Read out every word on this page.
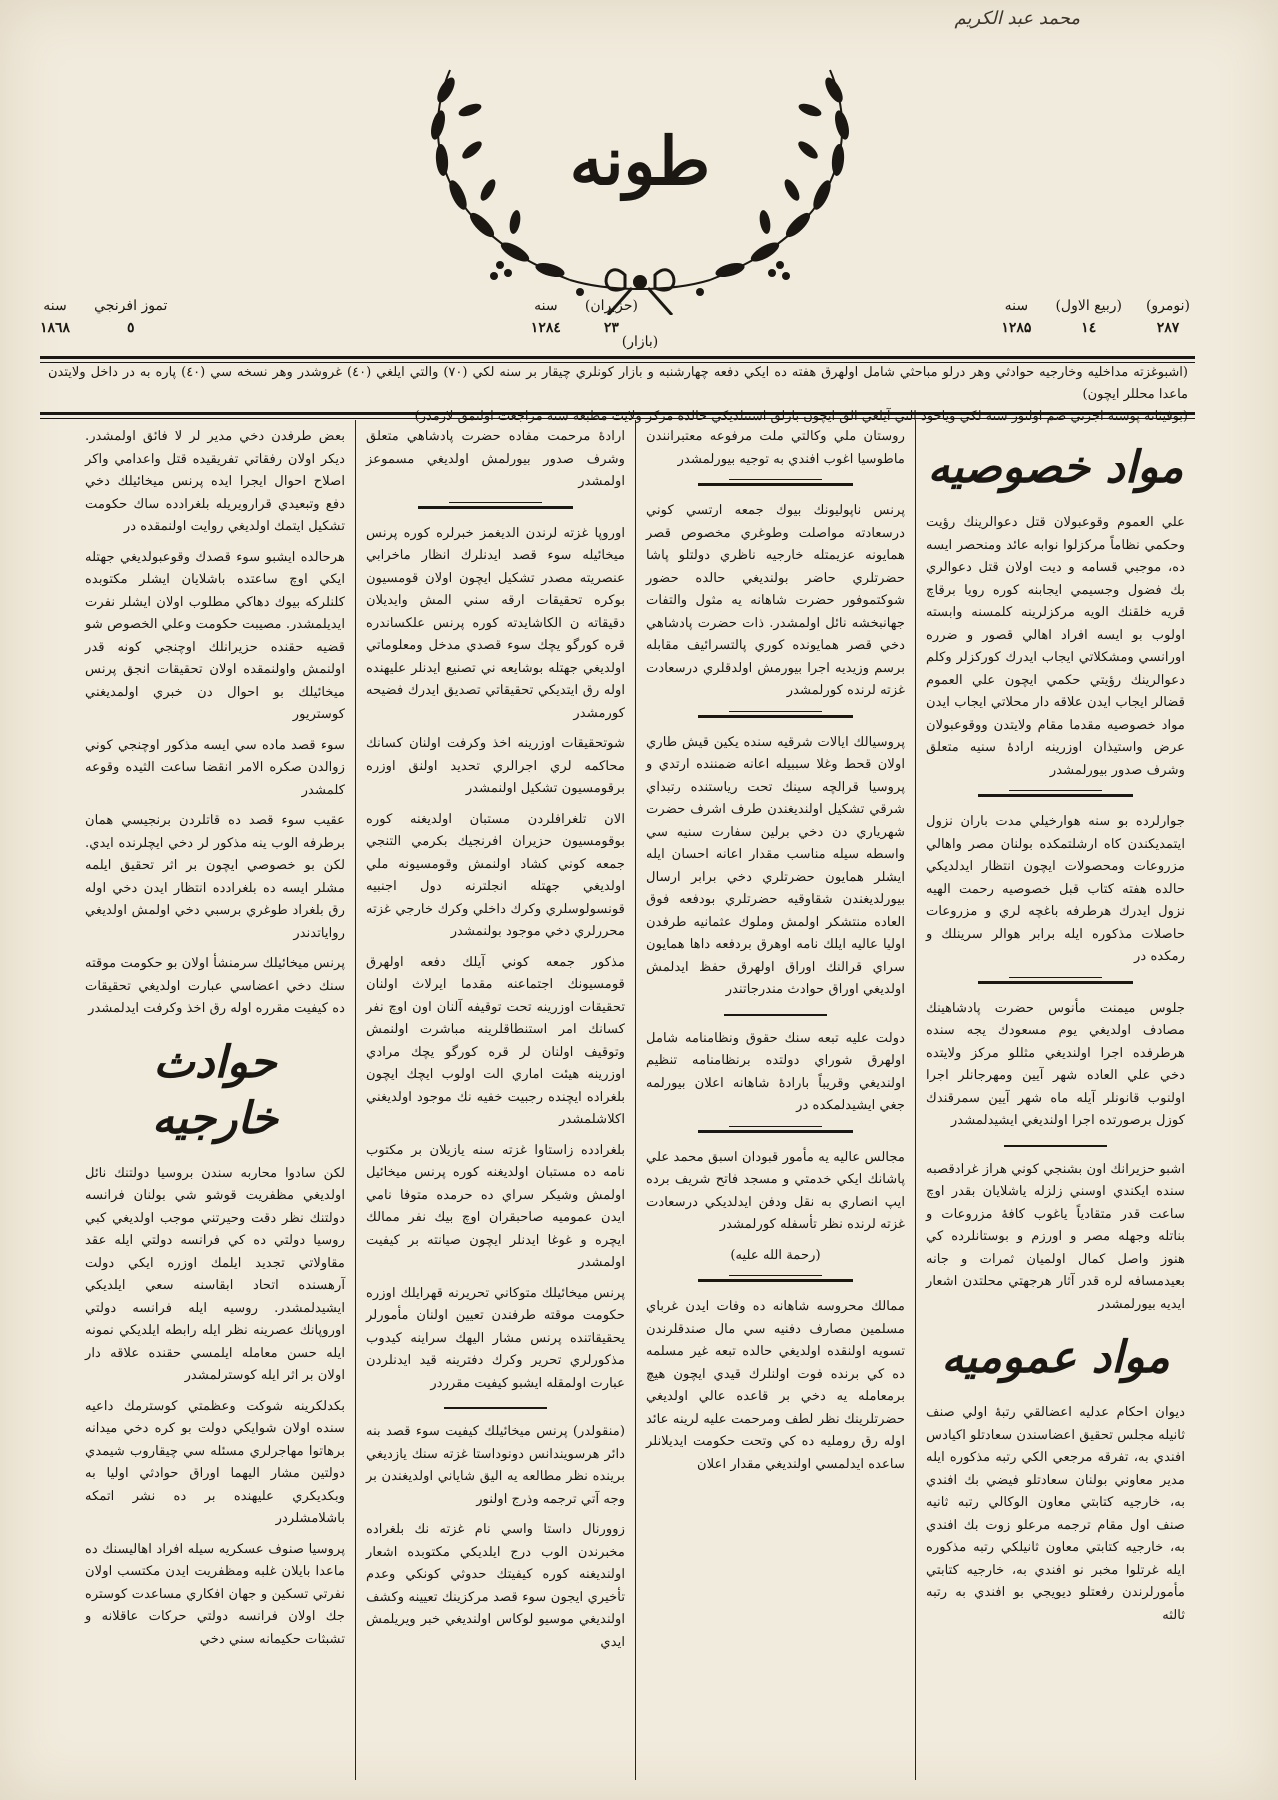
محمد عبد الكريم
طونه
(نومرو)
۲۸۷
(ربيع الاول)
۱٤
سنه
۱۲۸۵
(حزيران)
۲۳
سنه
۱۲۸٤
تموز افرنجي
٥
سنه
۱۸٦۸
(بازار)
(اشبوغزته مداخليه وخارجيه حوادثي وهر درلو مباحثي شامل اولهرق هفته ده ايكي دفعه چهارشنبه و بازار كونلري چيقار بر سنه لكي (۷۰) والتي ايلغي (٤٠) غروشدر وهر نسخه سي (٤٠) پاره به در داخل ولايتدن ماعدا محللر ايچون)
(بوفيئاته پوسته اجرتي ضم اولنور سنه لكي وياخود التي آيلغي الق ايچون بازلق استنلديكي حالده مركز ولايت مطبعه سنه مراجعت اولنمق لازمدر)
مواد خصوصيه

علي العموم وقوعبولان قتل دعوالرينك رؤيت وحكمي نظاماً مركزلوا نوابه عائد ومنحصر ايسه ده، موجبي قسامه و ديت اولان قتل دعوالري بك فضول وجسيمي ايجابنه كوره رويا برقاچ قريه خلقنك الويه مركزلرينه كلمسنه وابسته اولوب بو ايسه افراد اهالي قصور و ضرره اورانسي ومشكلاتي ايجاب ايدرك كوركزلر وكلم دعوالرينك رؤيتي حكمي ايچون علي العموم قضالر ايجاب ايدن علاقه دار محلاتي ايجاب ايدن مواد خصوصيه مقدما مقام ولايتدن ووقوعبولان عرض واستيذان اوزرينه ارادهٔ سنيه متعلق وشرف صدور بيورلمشدر

جوارلرده بو سنه هوارخيلي مدت باران نزول ايتمديكندن كاه ارشلتمكده بولنان مصر واهالي مزروعات ومحصولات ايچون انتظار ايدلديكي حالده هفته كتاب قبل خصوصيه رحمت الهيه نزول ايدرك هرطرفه باغچه لري و مزروعات حاصلات مذكوره ايله برابر هوالر سرينلك و رمكده در

جلوس ميمنت مأنوس حضرت پادشاهينك مصادف اولديغي يوم مسعودك يجه سنده هرطرفده اجرا اولنديغي مثللو مركز ولايتده دخي علي العاده شهر آيين ومهرجانلر اجرا اولنوب قانونلر آيله ماه شهر آيين سمرقندك كوزل برصورتده اجرا اولنديغي ايشيدلمشدر

اشبو حزيرانك اون بشنجي كوني هراز غرادقصبه سنده ايكندي اوسني زلزله ياشلايان بقدر اوچ ساعت قدر متقادياً ياغوب كافهٔ مزروعات و بناتله وجهله مصر و اورزم و بوستانلرده كي هنوز واصل كمال اولميان ثمرات و جانه بعيدمسافه لره قدر آثار هرجهتي محلتدن اشعار ايديه بيورلمشدر

مواد عموميه

ديوان احكام عدليه اعضالقي رتبهٔ اولي صنف ثانيله مجلس تحقيق اعضاسندن سعادتلو اكيادس افندي به، تفرقه مرجعي الكي رتبه مذكوره ايله مدير معاوني بولنان سعادتلو فيضي بك افندي به، خارجيه كتابتي معاون الوكالي رتبه ثانيه صنف اول مقام ترجمه مرعلو زوت بك افندي به، خارجيه كتابتي معاون ثانيلكي رتبه مذكوره ايله غرتلوا مخبر نو افندي به، خارجيه كتابتي مأمورلرندن رفعتلو ديويجي بو افندي به رتبه ثالثه

روستان ملي وكالتي ملت مرفوعه معتبرانندن ماطوسيا اغوب افندي به توجيه بيورلمشدر

پرنس ناپوليونك بيوك جمعه ارتسي كوني درسعادته مواصلت وطوغري مخصوص قصر همايونه عزيمتله خارجيه ناظري دولتلو پاشا حضرتلري حاضر بولنديغي حالده حضور شوكتموفور حضرت شاهانه يه مثول والتفات جهانبخشه نائل اولمشدر. ذات حضرت پادشاهي دخي قصر همايونده كوري پالتسرائيف مقابله برسم وزيديه اجرا بيورمش اولدقلري درسعادت غزته لرنده كورلمشدر

پروسيالك ايالات شرقيه سنده يكين قيش طاري اولان قحط وغلا سببيله اعانه ضمننده ارتدي و پروسيا قرالچه سينك تحت رياستنده رتبداي شرقي تشكيل اولنديغندن طرف اشرف حضرت شهرياري دن دخي برلين سفارت سنيه سي واسطه سيله مناسب مقدار اعانه احسان ايله ايشلر همايون حضرتلري دخي برابر ارسال بيورلديغندن شقاوقيه حضرتلري بودفعه فوق العاده منتشكر اولمش وملوك عثمانيه طرفدن اوليا عاليه ايلك نامه اوهرق بردفعه داها همايون سراي قرالنك اوراق اولهرق حفظ ايدلمش اولديغي اوراق حوادث مندرجاتندر

دولت عليه تبعه سنك حقوق ونظامنامه شامل اولهرق شوراي دولتده برنظامنامه تنظيم اولنديغي وقريباً بارادهٔ شاهانه اعلان بيورلمه جغي ايشيدلمكده در

مجالس عاليه يه مأمور قبودان اسبق محمد علي پاشانك ايكي خدمتي و مسجد فاتح شريف برده ايپ انصاري به نقل ودفن ايدلديكي درسعادت غزته لرنده نظر تأسفله كورلمشدر

(رحمة الله عليه)

ممالك محروسه شاهانه ده وفات ايدن غرباي مسلمين مصارف دفنيه سي مال صندقلرندن تسويه اولنقده اولديغي حالده تبعه غير مسلمه ده كي برنده فوت اولنلرك قيدي ايچون هيچ برمعامله يه دخي بر قاعده عالي اولديغي حضرتلرينك نظر لطف ومرحمت عليه لرينه عائد اوله رق رومليه ده كي وتحت حكومت ايديلانلر ساعده ايدلمسي اولنديغي مقدار اعلان

ارادهٔ مرحمت مفاده حضرت پادشاهي متعلق وشرف صدور بيورلمش اولديغي مسموعز اولمشدر

اوروپا غزته لرندن الديغمز خبرلره كوره پرنس ميخائيله سوء قصد ايدنلرك انظار ماخرابي عنصريته مصدر تشكيل ايچون اولان قومسيون بوكره تحقيقات ارقه سني المش وايديلان دقيقاته ن الكاشايدته كوره پرنس علكساندره قره كورگو يچك سوء قصدي مدخل ومعلوماتي اولديغي جهتله بوشايعه ني تصنيع ايدنلر عليهنده اوله رق ايتديكي تحقيقاتي تصديق ايدرك فضيحه كورمشدر

شوتحقيقات اوزرينه اخذ وكرفت اولنان كسانك محاكمه لري اجرالري تحديد اولنق اوزره برقومسيون تشكيل اولنمشدر

الان تلغرافلردن مستبان اولديغنه كوره بوقومسيون حزيران افرنجيك بكرمي التنجي جمعه كوني كشاد اولنمش وقومسيونه ملي اولديغي جهتله انجلترنه دول اجنبيه قونسولوسلري وكرك داخلي وكرك خارجي غزته محررلري دخي موجود بولنمشدر

مذكور جمعه كوني آيلك دفعه اولهرق قومسيونك اجتماعنه مقدما ايرلاث اولنان تحقيقات اوزرينه تحت توقيفه آلنان اون اوچ نفر كسانك امر استنطاقلرينه مباشرت اولنمش وتوقيف اولنان لر قره كورگو يچك مرادي اوزرينه هيئت اماري الت اولوب ايچك ايچون بلغراده ايچنده رجبيت خفيه نك موجود اولديغني اكلاشلمشدر

بلغرادده زاستاوا غزته سنه يازيلان بر مكتوب نامه ده مستبان اولديغنه كوره پرنس ميخائيل اولمش وشيكر سراي ده حرمده متوفا نامي ايدن عموميه صاحبقران اوچ بيك نفر ممالك ايچره و غوغا ايدنلر ايچون صيانته بر كيفيت اولمشدر

پرنس ميخائيلك متوكاني تحريرنه قهرايلك اوزره حكومت موقته طرفندن تعيين اولنان مأمورلر يحقيقاتنده پرنس مشار اليهك سراينه كيدوب مذكورلري تحرير وكرك دفترينه قيد ايدنلردن عبارت اولمقله ايشبو كيفيت مقرردر

(منقولدر) پرنس ميخائيلك كيفيت سوء قصد بنه دائر هرسويندانس دونوداستا غزته سنك يازديغي برينده نظر مطالعه يه اليق شاياني اولديغندن بر وجه آتي ترجمه وذرج اولنور

زوورنال داستا واسي نام غزته نك بلغراده مخبرندن الوب درج ايلديكي مكتوبده اشعار اولنديغنه كوره كيفيتك حدوثي كونكي وعدم تأخيري ايجون سوء قصد مركزينك تعيينه وكشف اولنديغي موسيو لوكاس اولنديغي خبر ويريلمش ايدي

بعض طرفدن دخي مدير لر لا فائق اولمشدر. ديكر اولان رفقاتي تفريقيده قتل واعدامي واكر اصلاح احوال ايجرا ايده پرنس ميخائيلك دخي دفع وتبعيدي قرارويريله بلغرادده ساك حكومت تشكيل ايتمك اولديغي روايت اولنمقده در

هرحالده ايشبو سوء قصدك وقوعبولديغي جهتله ايكي اوچ ساعتده باشلايان ايشلر مكتوبده كلنلركه بيوك دهاكي مطلوب اولان ايشلر نفرت ايديلمشدر. مصيبت حكومت وعلي الخصوص شو قضيه حقنده حزيرانلك اوچنجي كونه قدر اولنمش واولنمقده اولان تحقيقات انجق پرنس ميخائيلك بو احوال دن خبري اولمديغني كوستريور

سوء قصد ماده سي ايسه مذكور اوچنجي كوني زوالدن صكره الامر انقضا ساعت الثيده وقوعه كلمشدر

عقيب سوء قصد ده قاتلردن برنجيسي همان برطرفه الوب ينه مذكور لر دخي ايچلرنده ايدي. لكن بو خصوصي ايچون بر اثر تحقيق ايلمه مشلر ايسه ده بلغرادده انتظار ايدن دخي اوله رق بلغراد طوغري برسبي دخي اولمش اولديغي رواياتدندر

پرنس ميخائيلك سرمنشأ اولان بو حكومت موقته سنك دخي اعضاسي عبارت اولديغي تحقيقات ده كيفيت مقرره اوله رق اخذ وكرفت ايدلمشدر

حوادث خارجيه

لكن سادوا محاربه سندن بروسيا دولتنك نائل اولديغي مظفريت قوشو شي بولنان فرانسه دولتنك نظر دقت وحيرتني موجب اولديغي كبي روسيا دولتي ده كي فرانسه دولتي ايله عقد مقاولاتي تجديد ايلمك اوزره ايكي دولت آرهسنده اتحاد ابقاسنه سعي ايلديكي ايشيدلمشدر. روسيه ايله فرانسه دولتي اوروپانك عصرينه نظر ايله رابطه ايلديكي نمونه ايله حسن معامله ايلمسي حقنده علاقه دار اولان بر اثر ايله كوسترلمشدر

بكدلكرينه شوكت وعظمتي كوسترمك داعيه سنده اولان شوايكي دولت بو كره دخي ميدانه برهاتوا مهاجرلري مسئله سي چيقاروب شيمدي دولتين مشار اليهما اوراق حوادثي اوليا به وبكديكري عليهنده بر ده نشر اتمكه باشلامشلردر

پروسيا صنوف عسكريه سيله افراد اهاليسنك ده ماعدا بايلان غلبه ومظفريت ايدن مكتسب اولان نفرتي تسكين و جهان افكاري مساعدت كوستره جك اولان فرانسه دولتي حركات عاقلانه و تشبثات حكيمانه سني دخي
